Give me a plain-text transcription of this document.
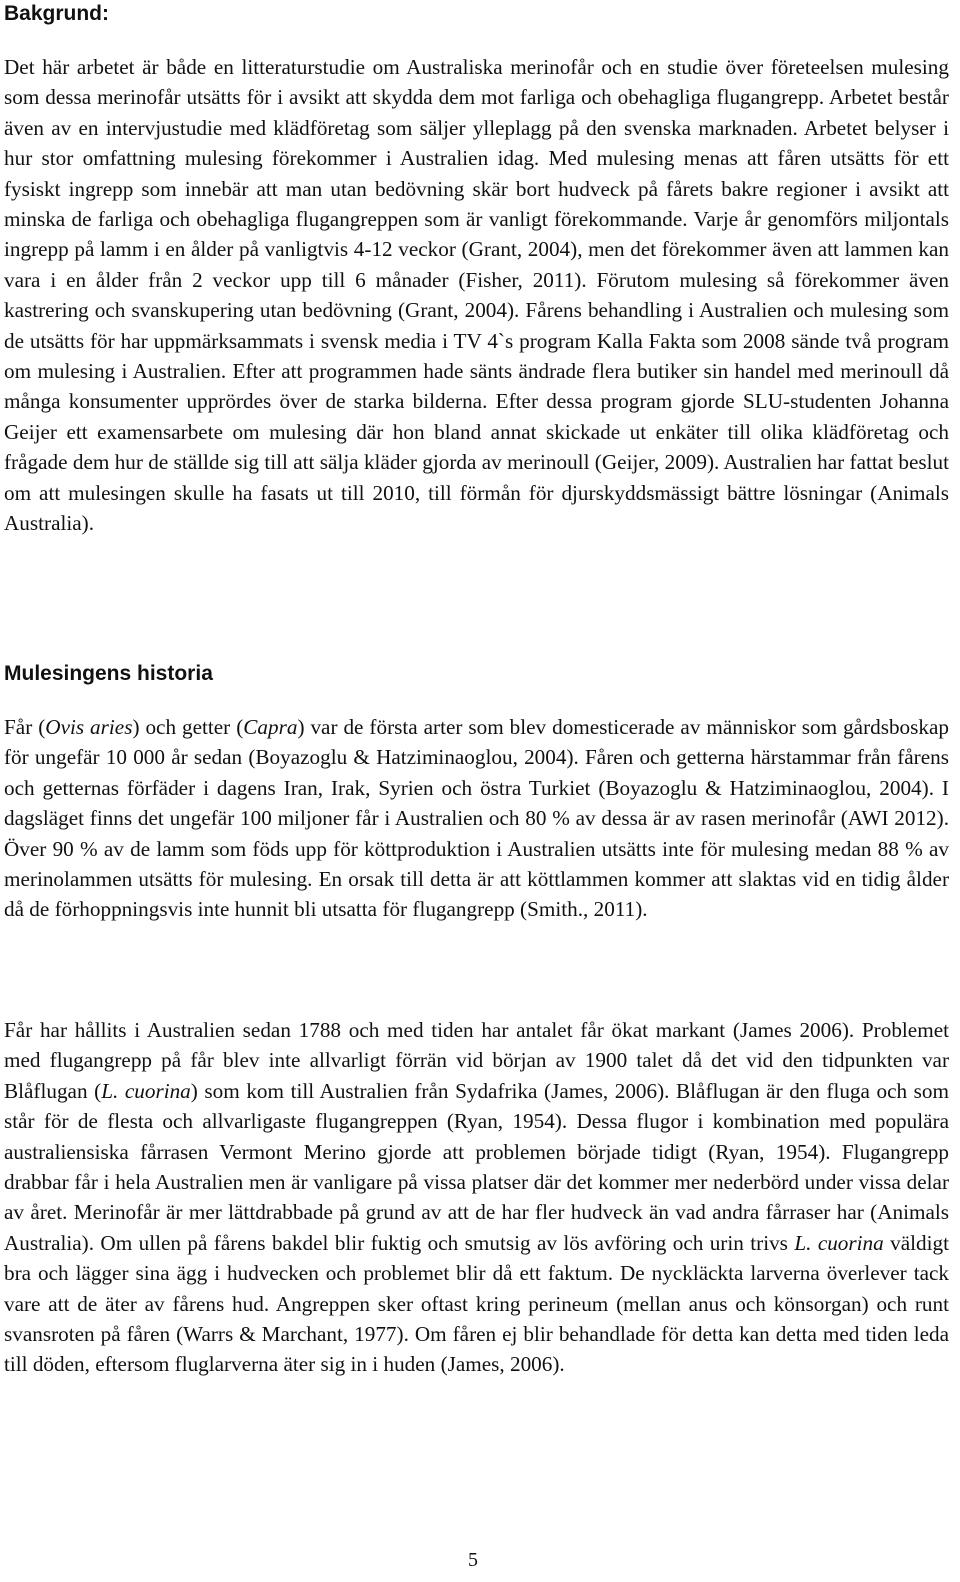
Bakgrund:

Det här arbetet är både en litteraturstudie om Australiska merinofår och en studie över företeelsen mulesing som dessa merinofår utsätts för i avsikt att skydda dem mot farliga och obehagliga flugangrepp. Arbetet består även av en intervjustudie med klädföretag som säljer ylleplagg på den svenska marknaden. Arbetet belyser i hur stor omfattning mulesing förekommer i Australien idag. Med mulesing menas att fåren utsätts för ett fysiskt ingrepp som innebär att man utan bedövning skär bort hudveck på fårets bakre regioner i avsikt att minska de farliga och obehagliga flugangreppen som är vanligt förekommande. Varje år genomförs miljontals ingrepp på lamm i en ålder på vanligtvis 4-12 veckor (Grant, 2004), men det förekommer även att lammen kan vara i en ålder från 2 veckor upp till 6 månader (Fisher, 2011). Förutom mulesing så förekommer även kastrering och svanskupering utan bedövning (Grant, 2004). Fårens behandling i Australien och mulesing som de utsätts för har uppmärksammats i svensk media i TV 4`s program Kalla Fakta som 2008 sände två program om mulesing i Australien. Efter att programmen hade sänts ändrade flera butiker sin handel med merinoull då många konsumenter upprördes över de starka bilderna. Efter dessa program gjorde SLU-studenten Johanna Geijer ett examensarbete om mulesing där hon bland annat skickade ut enkäter till olika klädföretag och frågade dem hur de ställde sig till att sälja kläder gjorda av merinoull (Geijer, 2009). Australien har fattat beslut om att mulesingen skulle ha fasats ut till 2010, till förmån för djurskyddsmässigt bättre lösningar (Animals Australia).

Mulesingens historia

Får (Ovis aries) och getter (Capra) var de första arter som blev domesticerade av människor som gårdsboskap för ungefär 10 000 år sedan (Boyazoglu & Hatziminaoglou, 2004). Fåren och getterna härstammar från fårens och getternas förfäder i dagens Iran, Irak, Syrien och östra Turkiet (Boyazoglu & Hatziminaoglou, 2004). I dagsläget finns det ungefär 100 miljoner får i Australien och 80 % av dessa är av rasen merinofår (AWI 2012). Över 90 % av de lamm som föds upp för köttproduktion i Australien utsätts inte för mulesing medan 88 % av merinolammen utsätts för mulesing. En orsak till detta är att köttlammen kommer att slaktas vid en tidig ålder då de förhoppningsvis inte hunnit bli utsatta för flugangrepp (Smith., 2011).

Får har hållits i Australien sedan 1788 och med tiden har antalet får ökat markant (James 2006). Problemet med flugangrepp på får blev inte allvarligt förrän vid början av 1900 talet då det vid den tidpunkten var Blåflugan (L. cuorina) som kom till Australien från Sydafrika (James, 2006). Blåflugan är den fluga och som står för de flesta och allvarligaste flugangreppen (Ryan, 1954). Dessa flugor i kombination med populära australiensiska fårrasen Vermont Merino gjorde att problemen började tidigt (Ryan, 1954). Flugangrepp drabbar får i hela Australien men är vanligare på vissa platser där det kommer mer nederbörd under vissa delar av året. Merinofår är mer lättdrabbade på grund av att de har fler hudveck än vad andra fårraser har (Animals Australia). Om ullen på fårens bakdel blir fuktig och smutsig av lös avföring och urin trivs L. cuorina väldigt bra och lägger sina ägg i hudvecken och problemet blir då ett faktum. De nyckläckta larverna överlever tack vare att de äter av fårens hud. Angreppen sker oftast kring perineum (mellan anus och könsorgan) och runt svansroten på fåren (Warrs & Marchant, 1977). Om fåren ej blir behandlade för detta kan detta med tiden leda till döden, eftersom fluglarverna äter sig in i huden (James, 2006).

5
